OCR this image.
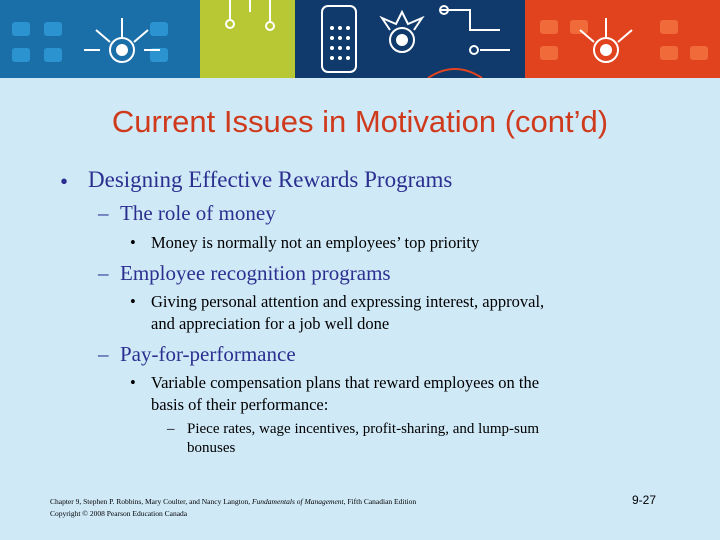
Current Issues in Motivation (cont’d)
• Designing Effective Rewards Programs
– The role of money
• Money is normally not an employees’ top priority
– Employee recognition programs
• Giving personal attention and expressing interest, approval,
and appreciation for a job well done
– Pay-for-performance
• Variable compensation plans that reward employees on the
basis of their performance:
– Piece rates, wage incentives, profit-sharing, and lump-sum
bonuses
Chapter 9, Stephen P. Robbins, Mary Coulter, and Nancy Langton, Fundamentals of Management, Fifth Canadian Edition
Copyright © 2008 Pearson Education Canada
9-27
